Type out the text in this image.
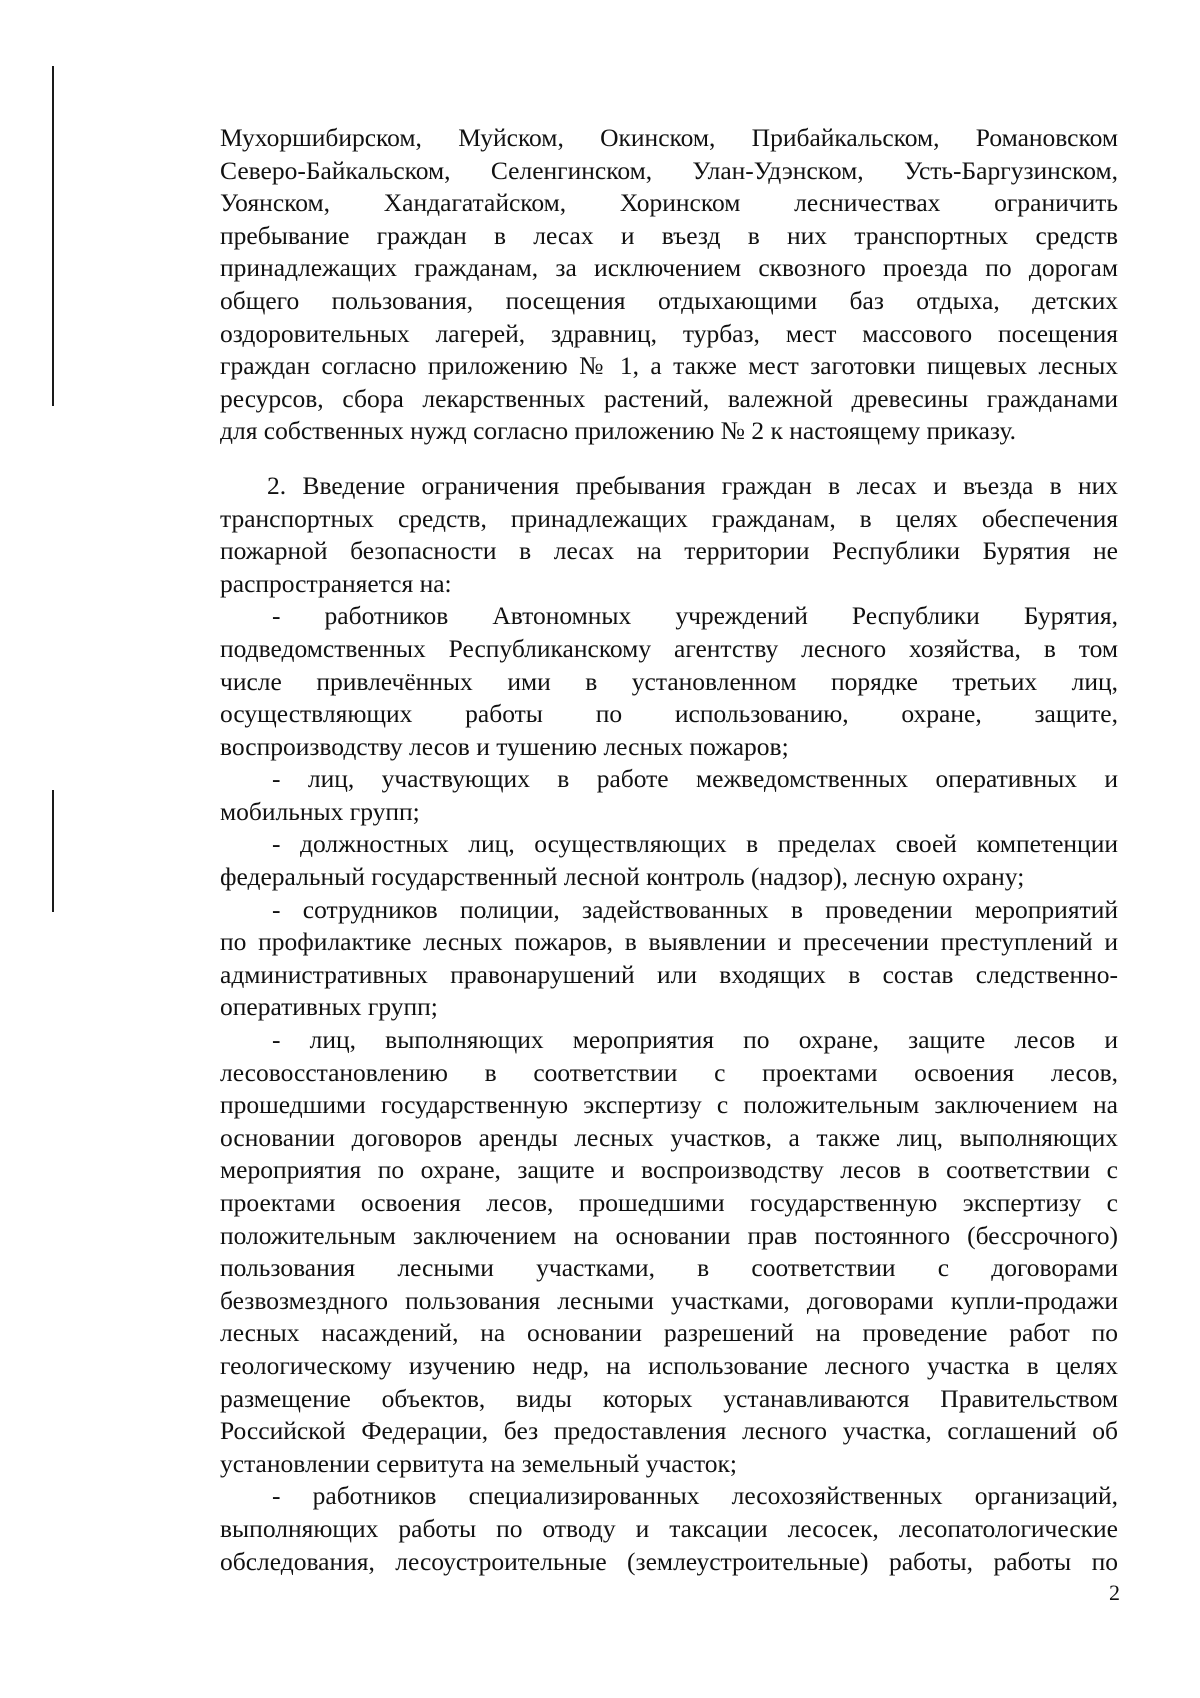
Мухоршибирском, Муйском, Окинском, Прибайкальском, Романовском
Северо-Байкальском, Селенгинском, Улан-Удэнском, Усть-Баргузинском,
Уоянском, Хандагатайском, Хоринском лесничествах ограничить
пребывание граждан в лесах и въезд в них транспортных средств
принадлежащих гражданам, за исключением сквозного проезда по дорогам
общего пользования, посещения отдыхающими баз отдыха, детских
оздоровительных лагерей, здравниц, турбаз, мест массового посещения
граждан согласно приложению № 1, а также мест заготовки пищевых лесных
ресурсов, сбора лекарственных растений, валежной древесины гражданами
для собственных нужд согласно приложению № 2 к настоящему приказу.
2. Введение ограничения пребывания граждан в лесах и въезда в них
транспортных средств, принадлежащих гражданам, в целях обеспечения
пожарной безопасности в лесах на территории Республики Бурятия не
распространяется на:
- работников Автономных учреждений Республики Бурятия,
подведомственных Республиканскому агентству лесного хозяйства, в том
числе привлечённых ими в установленном порядке третьих лиц,
осуществляющих работы по использованию, охране, защите,
воспроизводству лесов и тушению лесных пожаров;
- лиц, участвующих в работе межведомственных оперативных и
мобильных групп;
- должностных лиц, осуществляющих в пределах своей компетенции
федеральный государственный лесной контроль (надзор), лесную охрану;
- сотрудников полиции, задействованных в проведении мероприятий
по профилактике лесных пожаров, в выявлении и пресечении преступлений и
административных правонарушений или входящих в состав следственно-
оперативных групп;
- лиц, выполняющих мероприятия по охране, защите лесов и
лесовосстановлению в соответствии с проектами освоения лесов,
прошедшими государственную экспертизу с положительным заключением на
основании договоров аренды лесных участков, а также лиц, выполняющих
мероприятия по охране, защите и воспроизводству лесов в соответствии с
проектами освоения лесов, прошедшими государственную экспертизу с
положительным заключением на основании прав постоянного (бессрочного)
пользования лесными участками, в соответствии с договорами
безвозмездного пользования лесными участками, договорами купли-продажи
лесных насаждений, на основании разрешений на проведение работ по
геологическому изучению недр, на использование лесного участка в целях
размещение объектов, виды которых устанавливаются Правительством
Российской Федерации, без предоставления лесного участка, соглашений об
установлении сервитута на земельный участок;
- работников специализированных лесохозяйственных организаций,
выполняющих работы по отводу и таксации лесосек, лесопатологические
обследования, лесоустроительные (землеустроительные) работы, работы по
2
